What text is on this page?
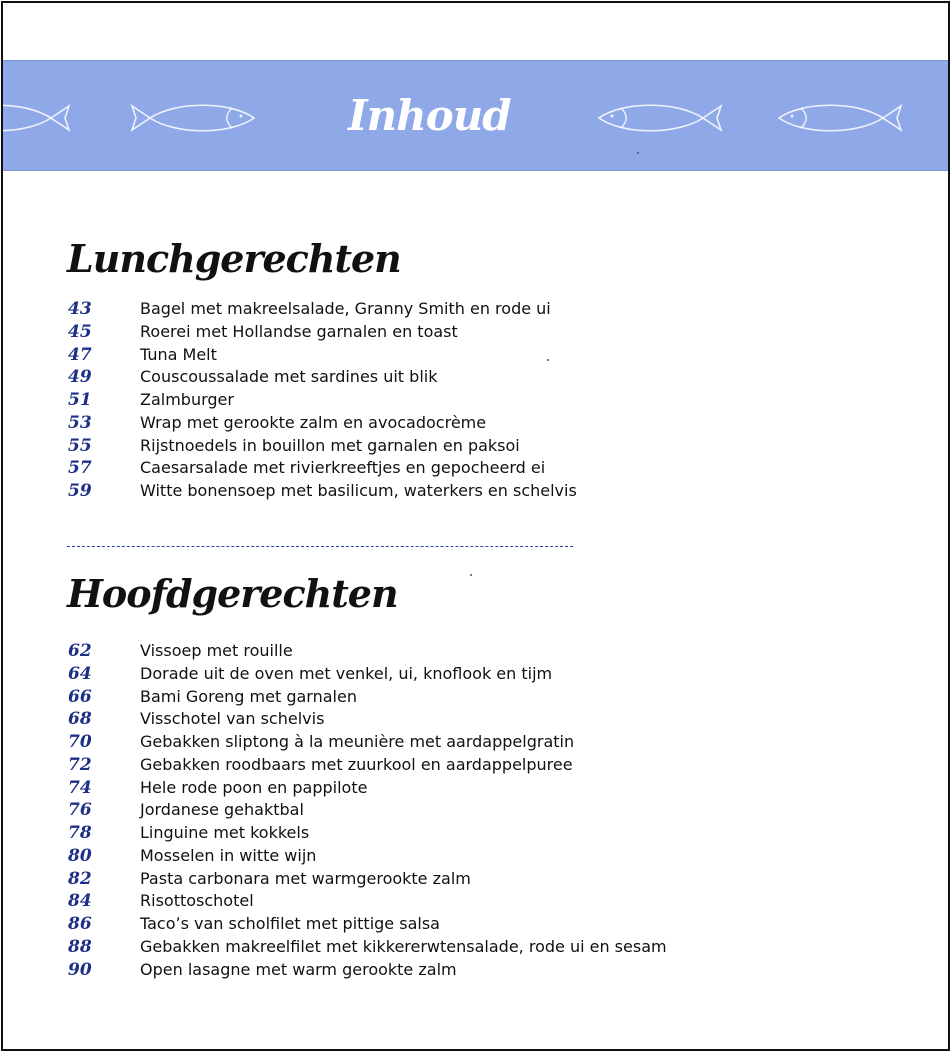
Inhoud
Lunchgerechten
43	Bagel met makreelsalade, Granny Smith en rode ui
45	Roerei met Hollandse garnalen en toast
47	Tuna Melt
49	Couscoussalade met sardines uit blik
51	Zalmburger
53	Wrap met gerookte zalm en avocadocrème
55	Rijstnoedels in bouillon met garnalen en paksoi
57	Caesarsalade met rivierkreeftjes en gepocheerd ei
59	Witte bonensoep met basilicum, waterkers en schelvis
Hoofdgerechten
62	Vissoep met rouille
64	Dorade uit de oven met venkel, ui, knoflook en tijm
66	Bami Goreng met garnalen
68	Visschotel van schelvis
70	Gebakken sliptong à la meunière met aardappelgratin
72	Gebakken roodbaars met zuurkool en aardappelpuree
74	Hele rode poon en pappilote
76	Jordanese gehaktbal
78	Linguine met kokkels
80	Mosselen in witte wijn
82	Pasta carbonara met warmgerookte zalm
84	Risottoschotel
86	Taco’s van scholfilet met pittige salsa
88	Gebakken makreelfilet met kikkererwtensalade, rode ui en sesam
90	Open lasagne met warm gerookte zalm
